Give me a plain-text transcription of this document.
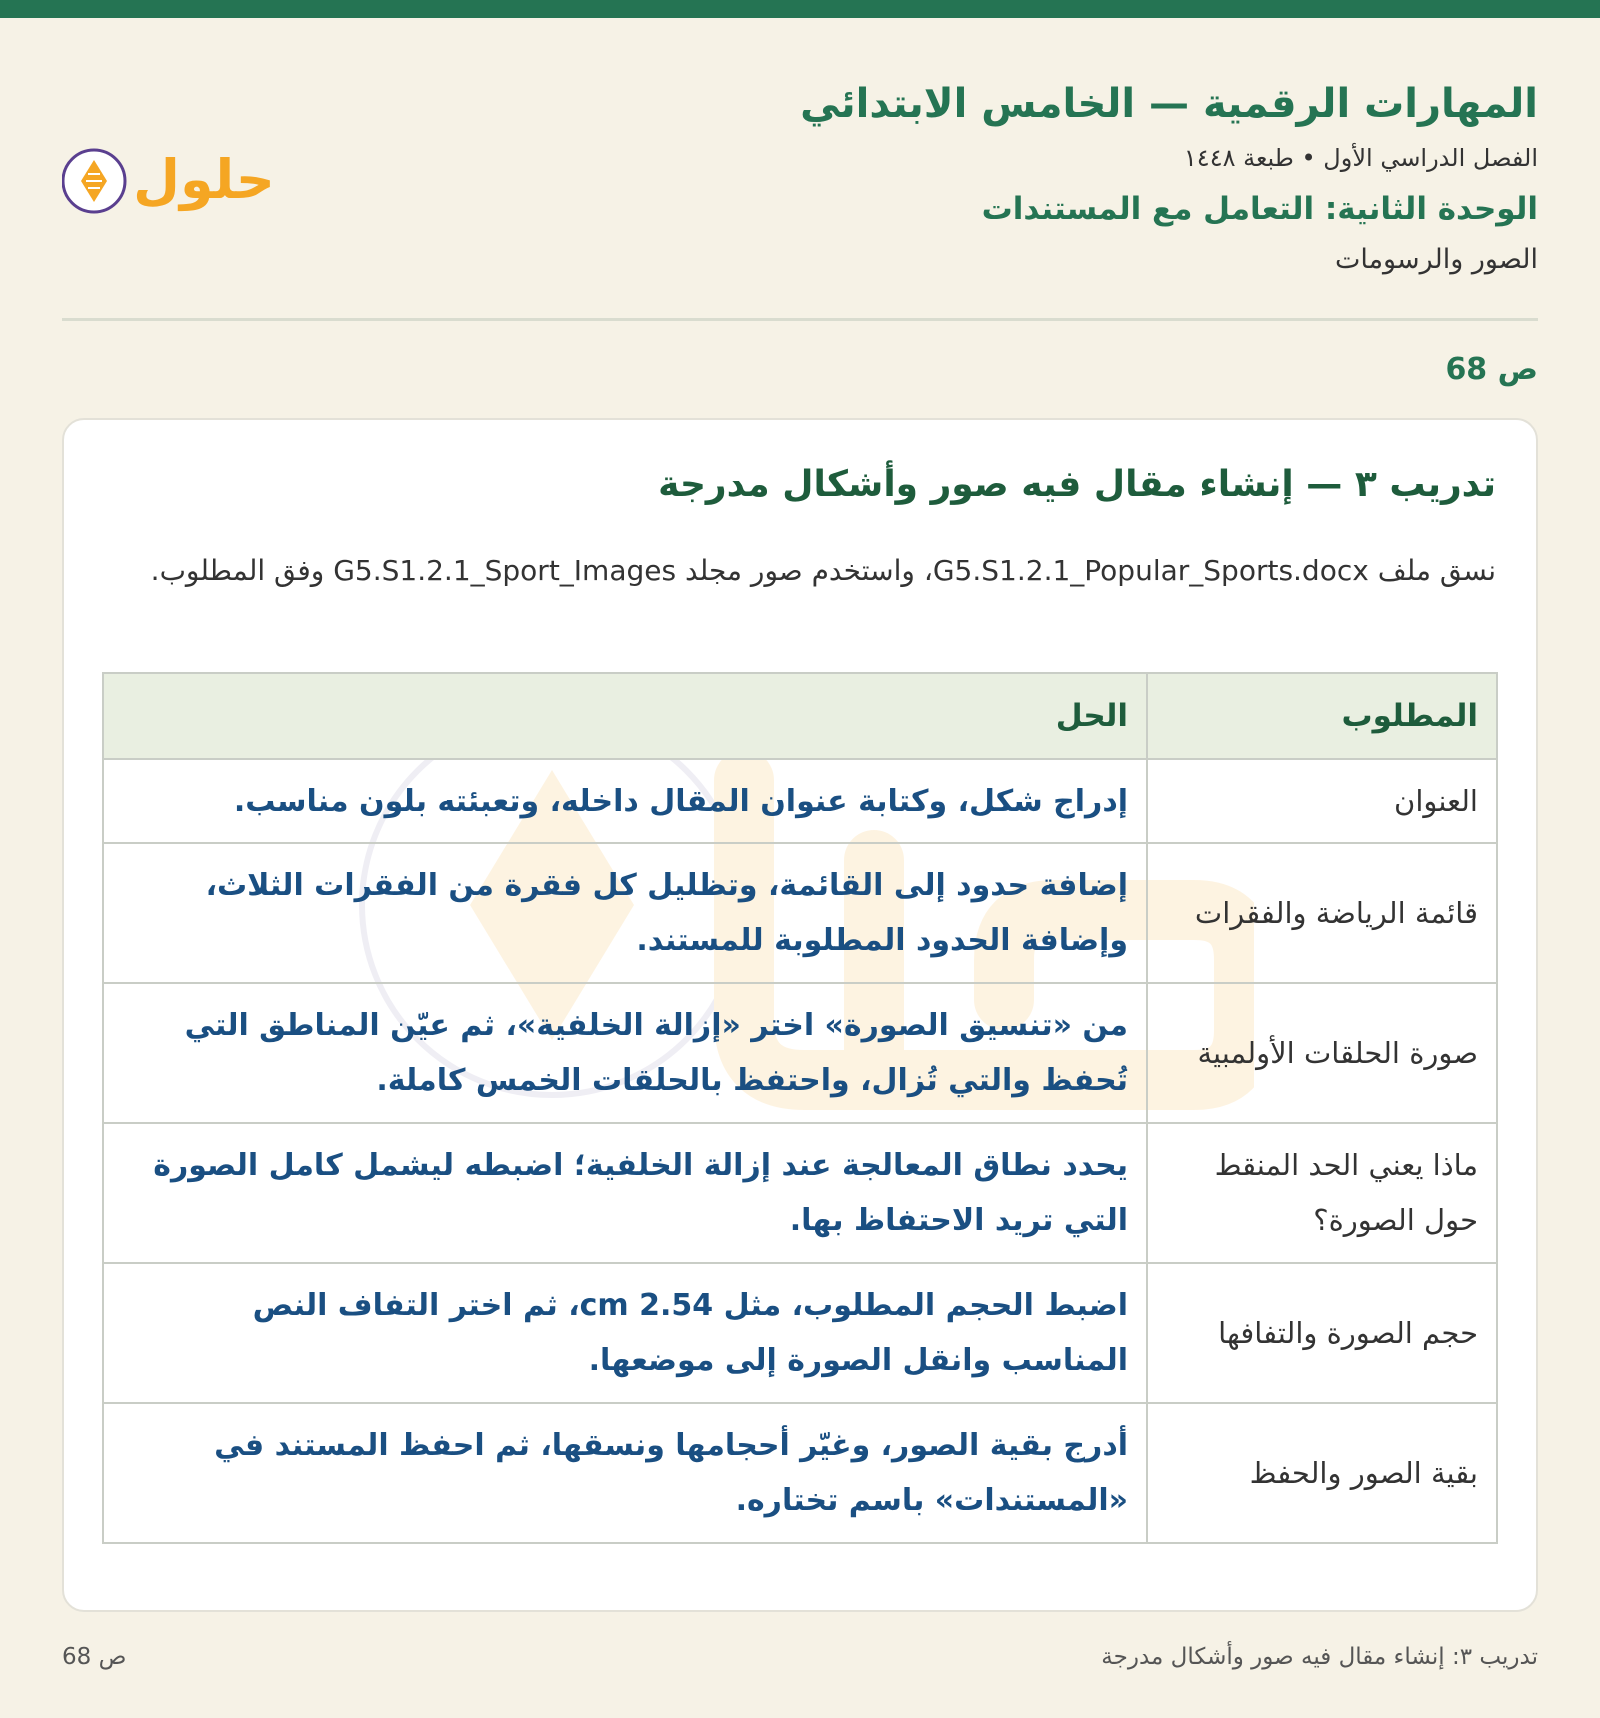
المهارات الرقمية — الخامس الابتدائي
الفصل الدراسي الأول • طبعة ١٤٤٨
الوحدة الثانية: التعامل مع المستندات
الصور والرسومات
حلول
ص 68
تدريب ٣ — إنشاء مقال فيه صور وأشكال مدرجة
نسق ملف G5.S1.2.1_Popular_Sports.docx، واستخدم صور مجلد G5.S1.2.1_Sport_Images وفق المطلوب.
المطلوب	الحل
العنوان	إدراج شكل، وكتابة عنوان المقال داخله، وتعبئته بلون مناسب.
قائمة الرياضة والفقرات	إضافة حدود إلى القائمة، وتظليل كل فقرة من الفقرات الثلاث، وإضافة الحدود المطلوبة للمستند.
صورة الحلقات الأولمبية	من «تنسيق الصورة» اختر «إزالة الخلفية»، ثم عيّن المناطق التي تُحفظ والتي تُزال، واحتفظ بالحلقات الخمس كاملة.
ماذا يعني الحد المنقط حول الصورة؟	يحدد نطاق المعالجة عند إزالة الخلفية؛ اضبطه ليشمل كامل الصورة التي تريد الاحتفاظ بها.
حجم الصورة والتفافها	اضبط الحجم المطلوب، مثل 2.54 cm، ثم اختر التفاف النص المناسب وانقل الصورة إلى موضعها.
بقية الصور والحفظ	أدرج بقية الصور، وغيّر أحجامها ونسقها، ثم احفظ المستند في «المستندات» باسم تختاره.
تدريب ٣: إنشاء مقال فيه صور وأشكال مدرجة
ص 68
